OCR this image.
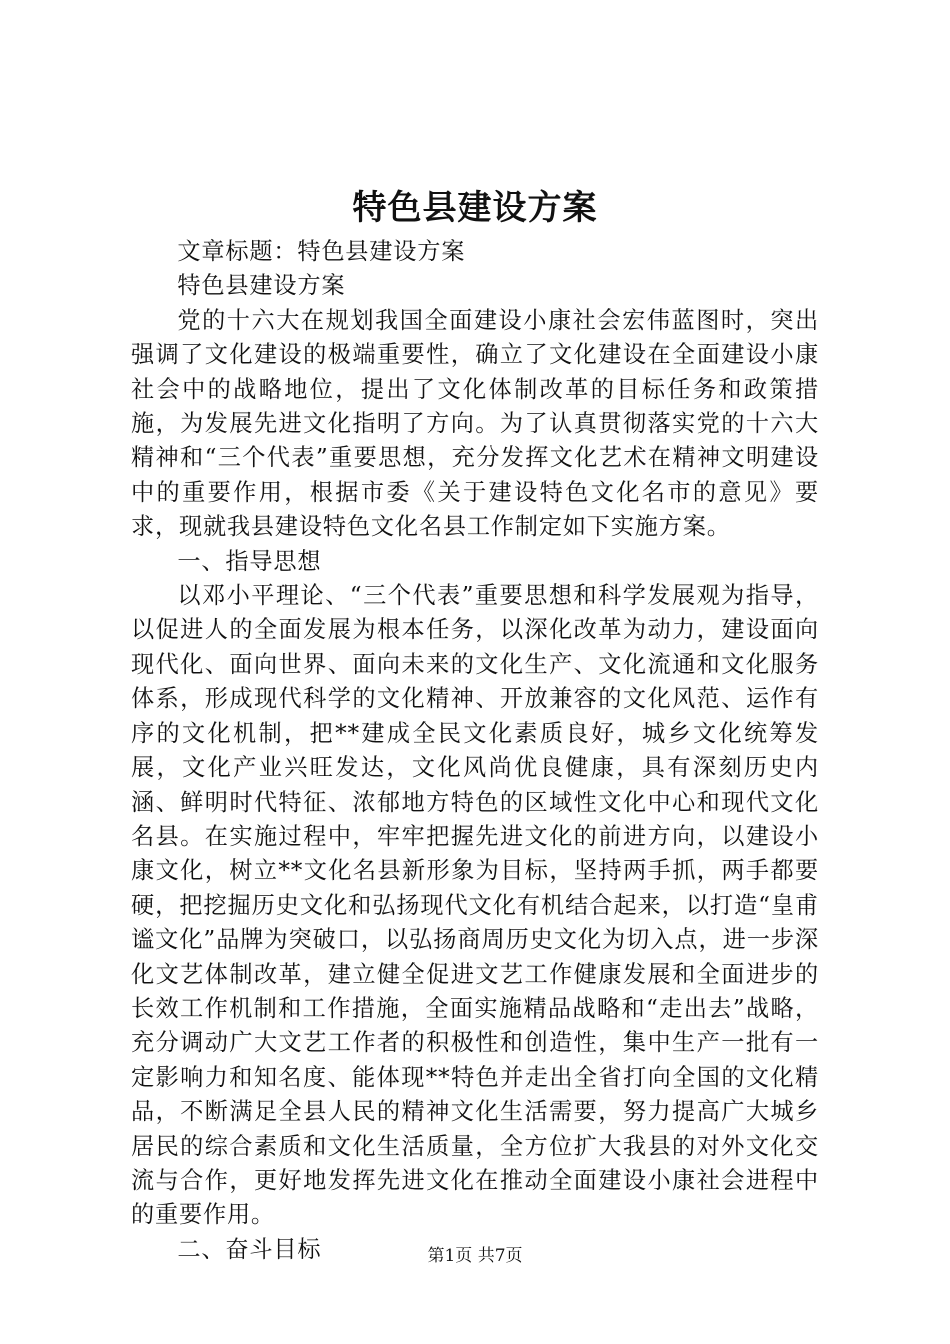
特色县建设方案

文章标题：特色县建设方案

特色县建设方案

党的十六大在规划我国全面建设小康社会宏伟蓝图时，突出强调了文化建设的极端重要性，确立了文化建设在全面建设小康社会中的战略地位，提出了文化体制改革的目标任务和政策措施，为发展先进文化指明了方向。为了认真贯彻落实党的十六大精神和“三个代表”重要思想，充分发挥文化艺术在精神文明建设中的重要作用，根据市委《关于建设特色文化名市的意见》要求，现就我县建设特色文化名县工作制定如下实施方案。

一、指导思想

以邓小平理论、“三个代表”重要思想和科学发展观为指导，以促进人的全面发展为根本任务，以深化改革为动力，建设面向现代化、面向世界、面向未来的文化生产、文化流通和文化服务体系，形成现代科学的文化精神、开放兼容的文化风范、运作有序的文化机制，把**建成全民文化素质良好，城乡文化统筹发展，文化产业兴旺发达，文化风尚优良健康，具有深刻历史内涵、鲜明时代特征、浓郁地方特色的区域性文化中心和现代文化名县。在实施过程中，牢牢把握先进文化的前进方向，以建设小康文化，树立**文化名县新形象为目标，坚持两手抓，两手都要硬，把挖掘历史文化和弘扬现代文化有机结合起来，以打造“皇甫谧文化”品牌为突破口，以弘扬商周历史文化为切入点，进一步深化文艺体制改革，建立健全促进文艺工作健康发展和全面进步的长效工作机制和工作措施，全面实施精品战略和“走出去”战略，充分调动广大文艺工作者的积极性和创造性，集中生产一批有一定影响力和知名度、能体现**特色并走出全省打向全国的文化精品，不断满足全县人民的精神文化生活需要，努力提高广大城乡居民的综合素质和文化生活质量，全方位扩大我县的对外文化交流与合作，更好地发挥先进文化在推动全面建设小康社会进程中的重要作用。

二、奋斗目标	第1页 共7页
